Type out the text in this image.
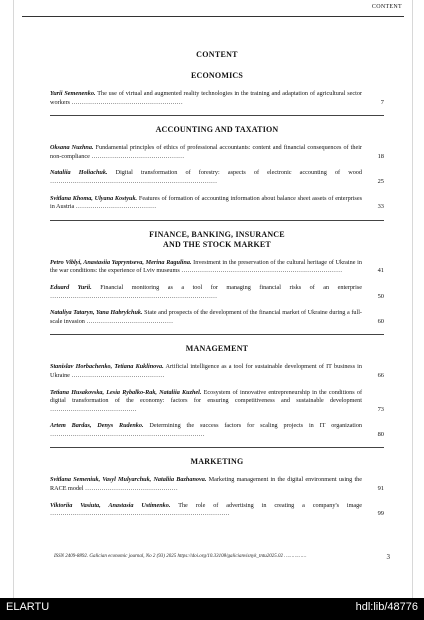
CONTENT
CONTENT
ECONOMICS
Yurii Semenenko. The use of virtual and augmented reality technologies in the training and adaptation of agricultural sector workers ………………………………………………	7
ACCOUNTING AND TAXATION
Oksana Nuzhna. Fundamental principles of ethics of professional accountants: content and financial consequences of their non-compliance ………………………………………	18
Nataliia Holiachuk. Digital transformation of forestry: aspects of electronic accounting of wood ………………………………………………………………………	25
Svitlana Khoma, Ulyana Kostyuk. Features of formation of accounting information about balance sheet assets of enterprises in Austria …………………………………	33
FINANCE, BANKING, INSURANCE
AND THE STOCK MARKET
Petro Viblyi, Anastasiia Yapryntseva, Merina Ragulina. Investment in the preservation of the cultural heritage of Ukraine in the war conditions: the experience of Lviv museums ……………………………………………………………………	41
Eduard Yurii. Financial monitoring as a tool for managing financial risks of an enterprise ………………………………………………………………………	50
Nataliya Tataryn, Yana Habrylchuk. State and prospects of the development of the financial market of Ukraine during a full-scale invasion ……………………………………	60
MANAGEMENT
Stanislav Horbachenko, Tetiana Kuklinova. Artificial intelligence as a tool for sustainable development of IT business in Ukraine ………………………………………	66
Tetiana Husakovska, Lesia Rybalko-Rak, Nataliia Kuzhel. Ecosystem of innovative entrepreneurship in the conditions of digital transformation of the economy: factors for ensuring competitiveness and sustainable development ……………………………………	73
Artem Bardas, Denys Rudenko. Determining the success factors for scaling projects in IT organization …………………………………………………………………	80
MARKETING
Svitlana Semeniuk, Vasyl Mulyarchuk, Nataliia Bazhanova. Marketing management in the digital environment using the RACE model ………………………………………	91
Viktoriia Vasiuta, Anastasia Ustimenko. The role of advertising in creating a company's image ……………………………………………………………………………	99
ISSN 2409-8892. Galician economic journal, No 2 (93) 2025 https://doi.org/10.33108/galicianvisnyk_tntu2025.02 ……………	3
ELARTU	hdl:lib/48776
